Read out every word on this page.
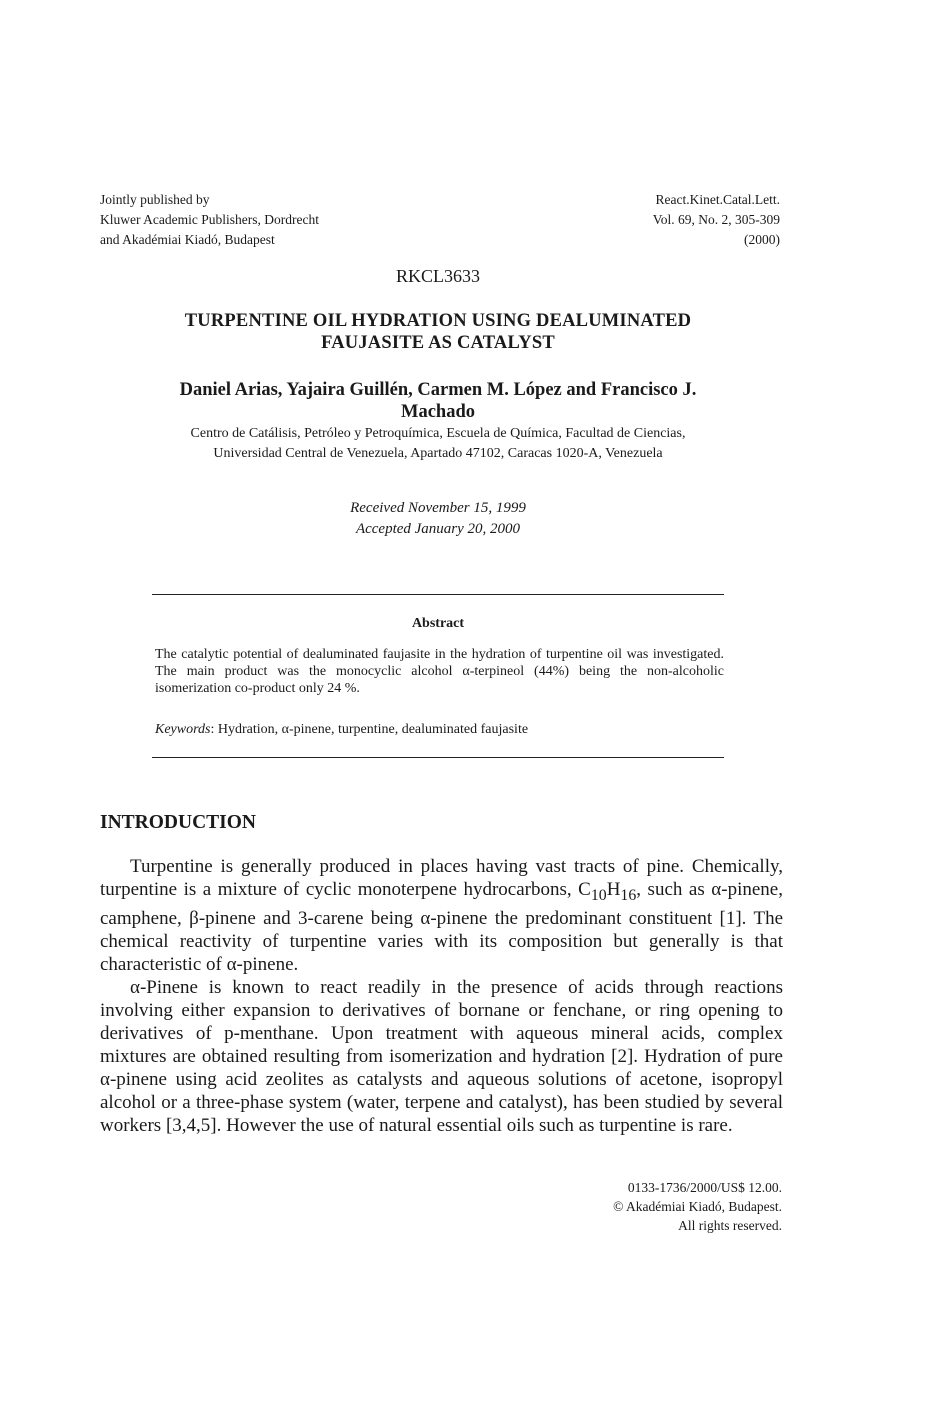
Jointly published by
Kluwer Academic Publishers, Dordrecht
and Akadémiai Kiadó, Budapest
React.Kinet.Catal.Lett.
Vol. 69, No. 2, 305-309
(2000)
RKCL3633
TURPENTINE OIL HYDRATION USING DEALUMINATED
FAUJASITE AS CATALYST
Daniel Arias, Yajaira Guillén, Carmen M. López and Francisco J.
Machado
Centro de Catálisis, Petróleo y Petroquímica, Escuela de Química, Facultad de Ciencias,
Universidad Central de Venezuela, Apartado 47102, Caracas 1020-A, Venezuela
Received November 15, 1999
Accepted January 20, 2000
Abstract
The catalytic potential of dealuminated faujasite in the hydration of turpentine oil was investigated. The main product was the monocyclic alcohol α-terpineol (44%) being the non-alcoholic isomerization co-product only 24 %.
Keywords: Hydration, α-pinene, turpentine, dealuminated faujasite
INTRODUCTION

Turpentine is generally produced in places having vast tracts of pine. Chemically, turpentine is a mixture of cyclic monoterpene hydrocarbons, $C_{10}H_{16}$, such as α-pinene, camphene, β-pinene and 3-carene being α-pinene the predominant constituent [1]. The chemical reactivity of turpentine varies with its composition but generally is that characteristic of α-pinene.

α-Pinene is known to react readily in the presence of acids through reactions involving either expansion to derivatives of bornane or fenchane, or ring opening to derivatives of p-menthane. Upon treatment with aqueous mineral acids, complex mixtures are obtained resulting from isomerization and hydration [2]. Hydration of pure α-pinene using acid zeolites as catalysts and aqueous solutions of acetone, isopropyl alcohol or a three-phase system (water, terpene and catalyst), has been studied by several workers [3,4,5]. However the use of natural essential oils such as turpentine is rare.

0133-1736/2000/US$ 12.00.
© Akadémiai Kiadó, Budapest.
All rights reserved.
